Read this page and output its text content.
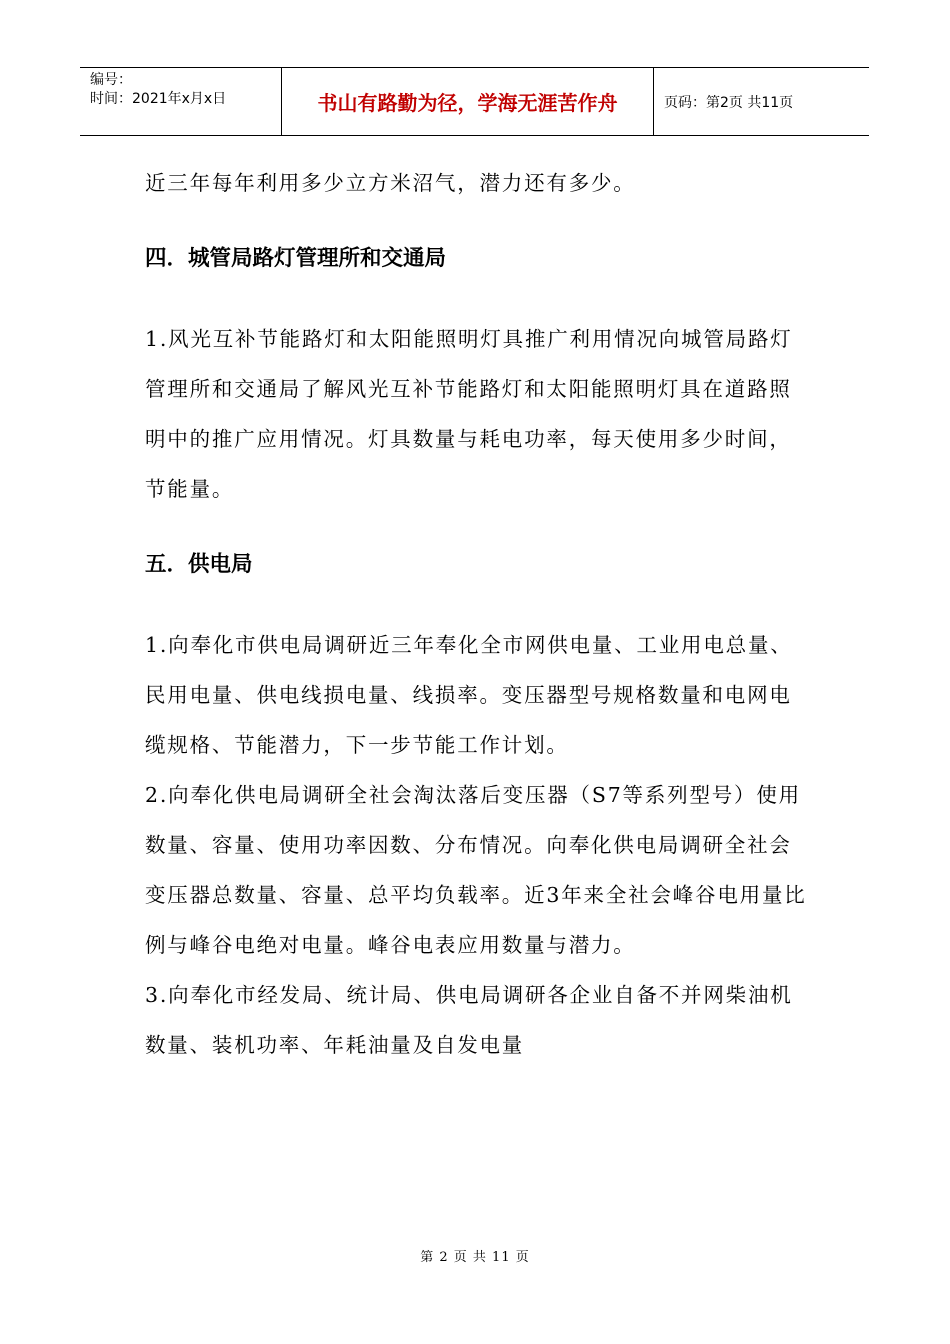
编号：
时间：2021年x月x日	书山有路勤为径，学海无涯苦作舟	页码：第2页 共11页

近三年每年利用多少立方米沼气，潜力还有多少。

四．城管局路灯管理所和交通局

1.风光互补节能路灯和太阳能照明灯具推广利用情况向城管局路灯管理所和交通局了解风光互补节能路灯和太阳能照明灯具在道路照明中的推广应用情况。灯具数量与耗电功率，每天使用多少时间，节能量。

五．供电局

1.向奉化市供电局调研近三年奉化全市网供电量、工业用电总量、民用电量、供电线损电量、线损率。变压器型号规格数量和电网电缆规格、节能潜力，下一步节能工作计划。

2.向奉化供电局调研全社会淘汰落后变压器（S7等系列型号）使用数量、容量、使用功率因数、分布情况。向奉化供电局调研全社会变压器总数量、容量、总平均负载率。近3年来全社会峰谷电用量比例与峰谷电绝对电量。峰谷电表应用数量与潜力。

3.向奉化市经发局、统计局、供电局调研各企业自备不并网柴油机数量、装机功率、年耗油量及自发电量

第 2 页 共 11 页
